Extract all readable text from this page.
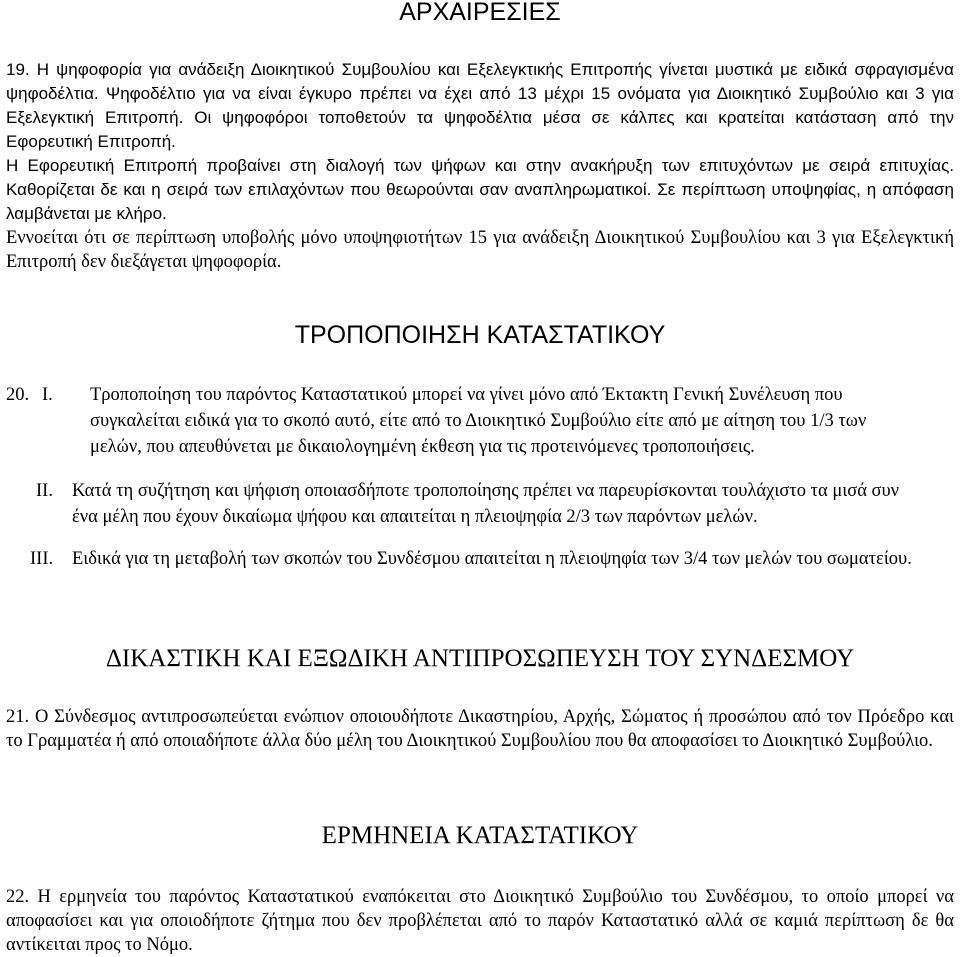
ΑΡΧΑΙΡΕΣΙΕΣ

19. Η ψηφοφορία για ανάδειξη Διοικητικού Συμβουλίου και Εξελεγκτικής Επιτροπής γίνεται μυστικά με ειδικά σφραγισμένα ψηφοδέλτια. Ψηφοδέλτιο για να είναι έγκυρο πρέπει να έχει από 13 μέχρι 15 ονόματα για Διοικητικό Συμβούλιο και 3 για Εξελεγκτική Επιτροπή. Οι ψηφοφόροι τοποθετούν τα ψηφοδέλτια μέσα σε κάλπες και κρατείται κατάσταση από την Εφορευτική Επιτροπή.

Η Εφορευτική Επιτροπή προβαίνει στη διαλογή των ψήφων και στην ανακήρυξη των επιτυχόντων με σειρά επιτυχίας. Καθορίζεται δε και η σειρά των επιλαχόντων που θεωρούνται σαν αναπληρωματικοί. Σε περίπτωση υποψηφίας, η απόφαση λαμβάνεται με κλήρο.

Εννοείται ότι σε περίπτωση υποβολής μόνο υποψηφιοτήτων 15 για ανάδειξη Διοικητικού Συμβουλίου και 3 για Εξελεγκτική Επιτροπή δεν διεξάγεται ψηφοφορία.

ΤΡΟΠΟΠΟΙΗΣΗ ΚΑΤΑΣΤΑΤΙΚΟΥ
20. I. Τροποποίηση του παρόντος Καταστατικού μπορεί να γίνει μόνο από Έκτακτη Γενική Συνέλευση που συγκαλείται ειδικά για το σκοπό αυτό, είτε από το Διοικητικό Συμβούλιο είτε από με αίτηση του 1/3 των μελών, που απευθύνεται με δικαιολογημένη έκθεση για τις προτεινόμενες τροποποιήσεις.
II. Κατά τη συζήτηση και ψήφιση οποιασδήποτε τροποποίησης πρέπει να παρευρίσκονται τουλάχιστο τα μισά συν ένα μέλη που έχουν δικαίωμα ψήφου και απαιτείται η πλειοψηφία 2/3 των παρόντων μελών.
III. Ειδικά για τη μεταβολή των σκοπών του Συνδέσμου απαιτείται η πλειοψηφία των 3/4 των μελών του σωματείου.
ΔΙΚΑΣΤΙΚΗ ΚΑΙ ΕΞΩΔΙΚΗ ΑΝΤΙΠΡΟΣΩΠΕΥΣΗ ΤΟΥ ΣΥΝΔΕΣΜΟΥ

21. Ο Σύνδεσμος αντιπροσωπεύεται ενώπιον οποιουδήποτε Δικαστηρίου, Αρχής, Σώματος ή προσώπου από τον Πρόεδρο και το Γραμματέα ή από οποιαδήποτε άλλα δύο μέλη του Διοικητικού Συμβουλίου που θα αποφασίσει το Διοικητικό Συμβούλιο.

ΕΡΜΗΝΕΙΑ ΚΑΤΑΣΤΑΤΙΚΟΥ

22. Η ερμηνεία του παρόντος Καταστατικού εναπόκειται στο Διοικητικό Συμβούλιο του Συνδέσμου, το οποίο μπορεί να αποφασίσει και για οποιοδήποτε ζήτημα που δεν προβλέπεται από το παρόν Καταστατικό αλλά σε καμιά περίπτωση δε θα αντίκειται προς το Νόμο.
